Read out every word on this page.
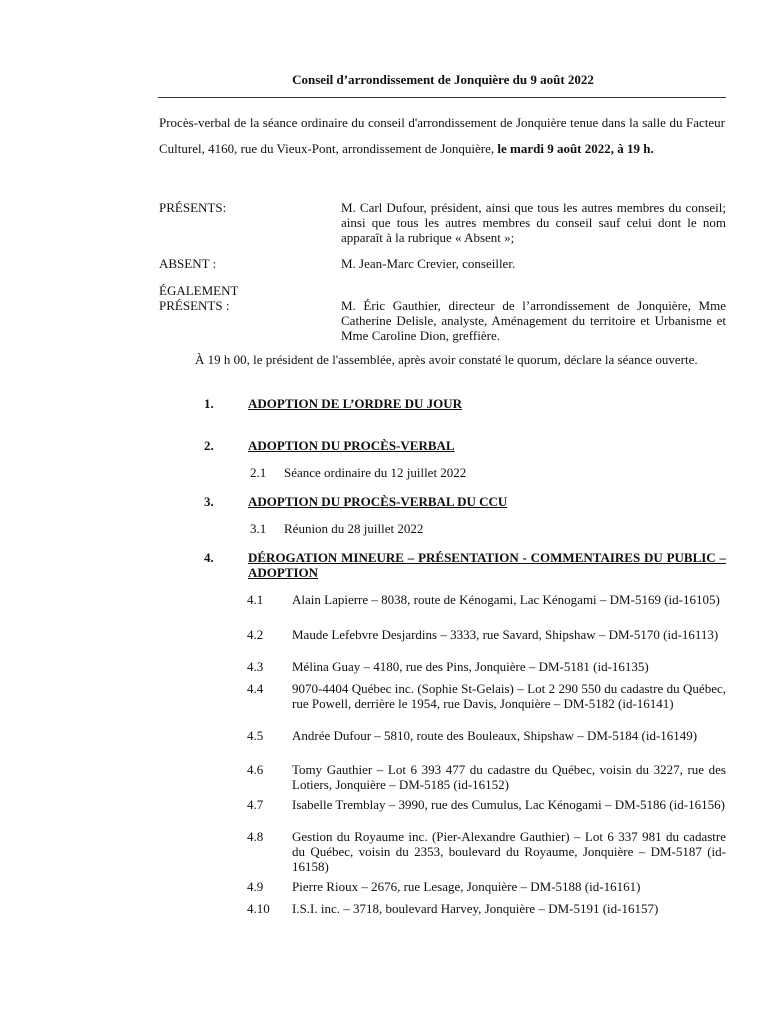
Conseil d’arrondissement de Jonquière du 9 août 2022
Procès-verbal de la séance ordinaire du conseil d'arrondissement de Jonquière tenue dans la salle du Facteur Culturel, 4160, rue du Vieux-Pont, arrondissement de Jonquière, le mardi 9 août 2022, à 19 h.
PRÉSENTS:	M. Carl Dufour, président, ainsi que tous les autres membres du conseil; ainsi que tous les autres membres du conseil sauf celui dont le nom apparaît à la rubrique « Absent »;
ABSENT :	M. Jean-Marc Crevier, conseiller.
ÉGALEMENT
PRÉSENTS :	M. Éric Gauthier, directeur de l’arrondissement de Jonquière, Mme Catherine Delisle, analyste, Aménagement du territoire et Urbanisme et Mme Caroline Dion, greffière.
À 19 h 00, le président de l'assemblée, après avoir constaté le quorum, déclare la séance ouverte.
1.	ADOPTION DE L’ORDRE DU JOUR
2.	ADOPTION DU PROCÈS-VERBAL
2.1 Séance ordinaire du 12 juillet 2022
3.	ADOPTION DU PROCÈS-VERBAL DU CCU
3.1 Réunion du 28 juillet 2022
4.	DÉROGATION MINEURE – PRÉSENTATION - COMMENTAIRES DU PUBLIC – ADOPTION
4.1 Alain Lapierre – 8038, route de Kénogami, Lac Kénogami – DM-5169 (id-16105)
4.2 Maude Lefebvre Desjardins – 3333, rue Savard, Shipshaw – DM-5170 (id-16113)
4.3 Mélina Guay – 4180, rue des Pins, Jonquière – DM-5181 (id-16135)
4.4 9070-4404 Québec inc. (Sophie St-Gelais) – Lot 2 290 550 du cadastre du Québec, rue Powell, derrière le 1954, rue Davis, Jonquière – DM-5182 (id-16141)
4.5 Andrée Dufour – 5810, route des Bouleaux, Shipshaw – DM-5184 (id-16149)
4.6 Tomy Gauthier – Lot 6 393 477 du cadastre du Québec, voisin du 3227, rue des Lotiers, Jonquière – DM-5185 (id-16152)
4.7 Isabelle Tremblay – 3990, rue des Cumulus, Lac Kénogami – DM-5186 (id-16156)
4.8 Gestion du Royaume inc. (Pier-Alexandre Gauthier) – Lot 6 337 981 du cadastre du Québec, voisin du 2353, boulevard du Royaume, Jonquière – DM-5187 (id-16158)
4.9 Pierre Rioux – 2676, rue Lesage, Jonquière – DM-5188 (id-16161)
4.10 I.S.I. inc. – 3718, boulevard Harvey, Jonquière – DM-5191 (id-16157)
